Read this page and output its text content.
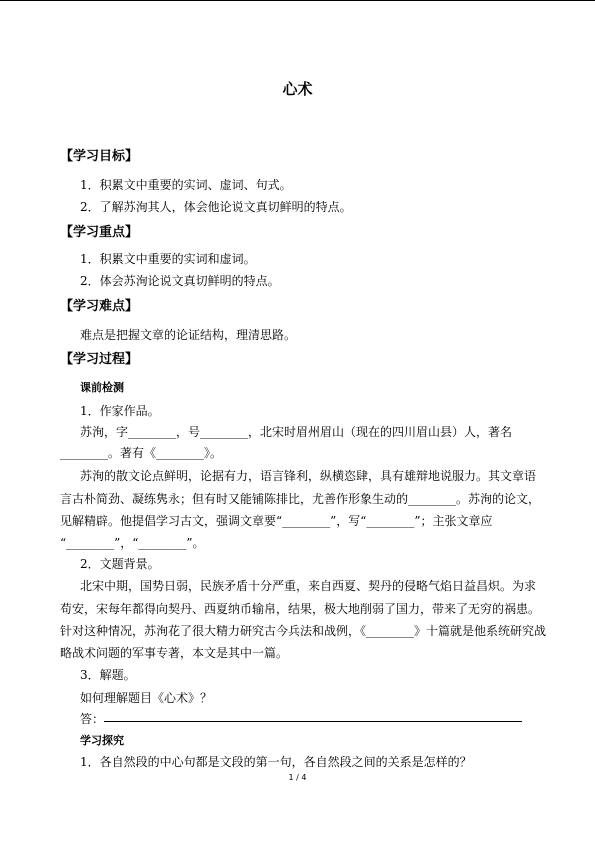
心术
【学习目标】
1．积累文中重要的实词、虚词、句式。
2．了解苏洵其人，体会他论说文真切鲜明的特点。
【学习重点】
1．积累文中重要的实词和虚词。
2．体会苏洵论说文真切鲜明的特点。
【学习难点】
难点是把握文章的论证结构，理清思路。
【学习过程】
课前检测
1．作家作品。
苏洵，字________，号________，北宋时眉州眉山（现在的四川眉山县）人，著名
________。著有《________》。
苏洵的散文论点鲜明，论据有力，语言锋利，纵横恣肆，具有雄辩地说服力。其文章语
言古朴简劲、凝练隽永；但有时又能铺陈排比，尤善作形象生动的________。苏洵的论文，
见解精辟。他提倡学习古文，强调文章要“________”，写“________”；主张文章应
“________”，“________”。
2．文题背景。
北宋中期，国势日弱，民族矛盾十分严重，来自西夏、契丹的侵略气焰日益昌炽。为求
苟安，宋每年都得向契丹、西夏纳币输帛，结果，极大地削弱了国力，带来了无穷的祸患。
针对这种情况，苏洵花了很大精力研究古今兵法和战例，《________》十篇就是他系统研究战
略战术问题的军事专著，本文是其中一篇。
3．解题。
如何理解题目《心术》？
答：
学习探究
1．各自然段的中心句都是文段的第一句，各自然段之间的关系是怎样的？
1 / 4
